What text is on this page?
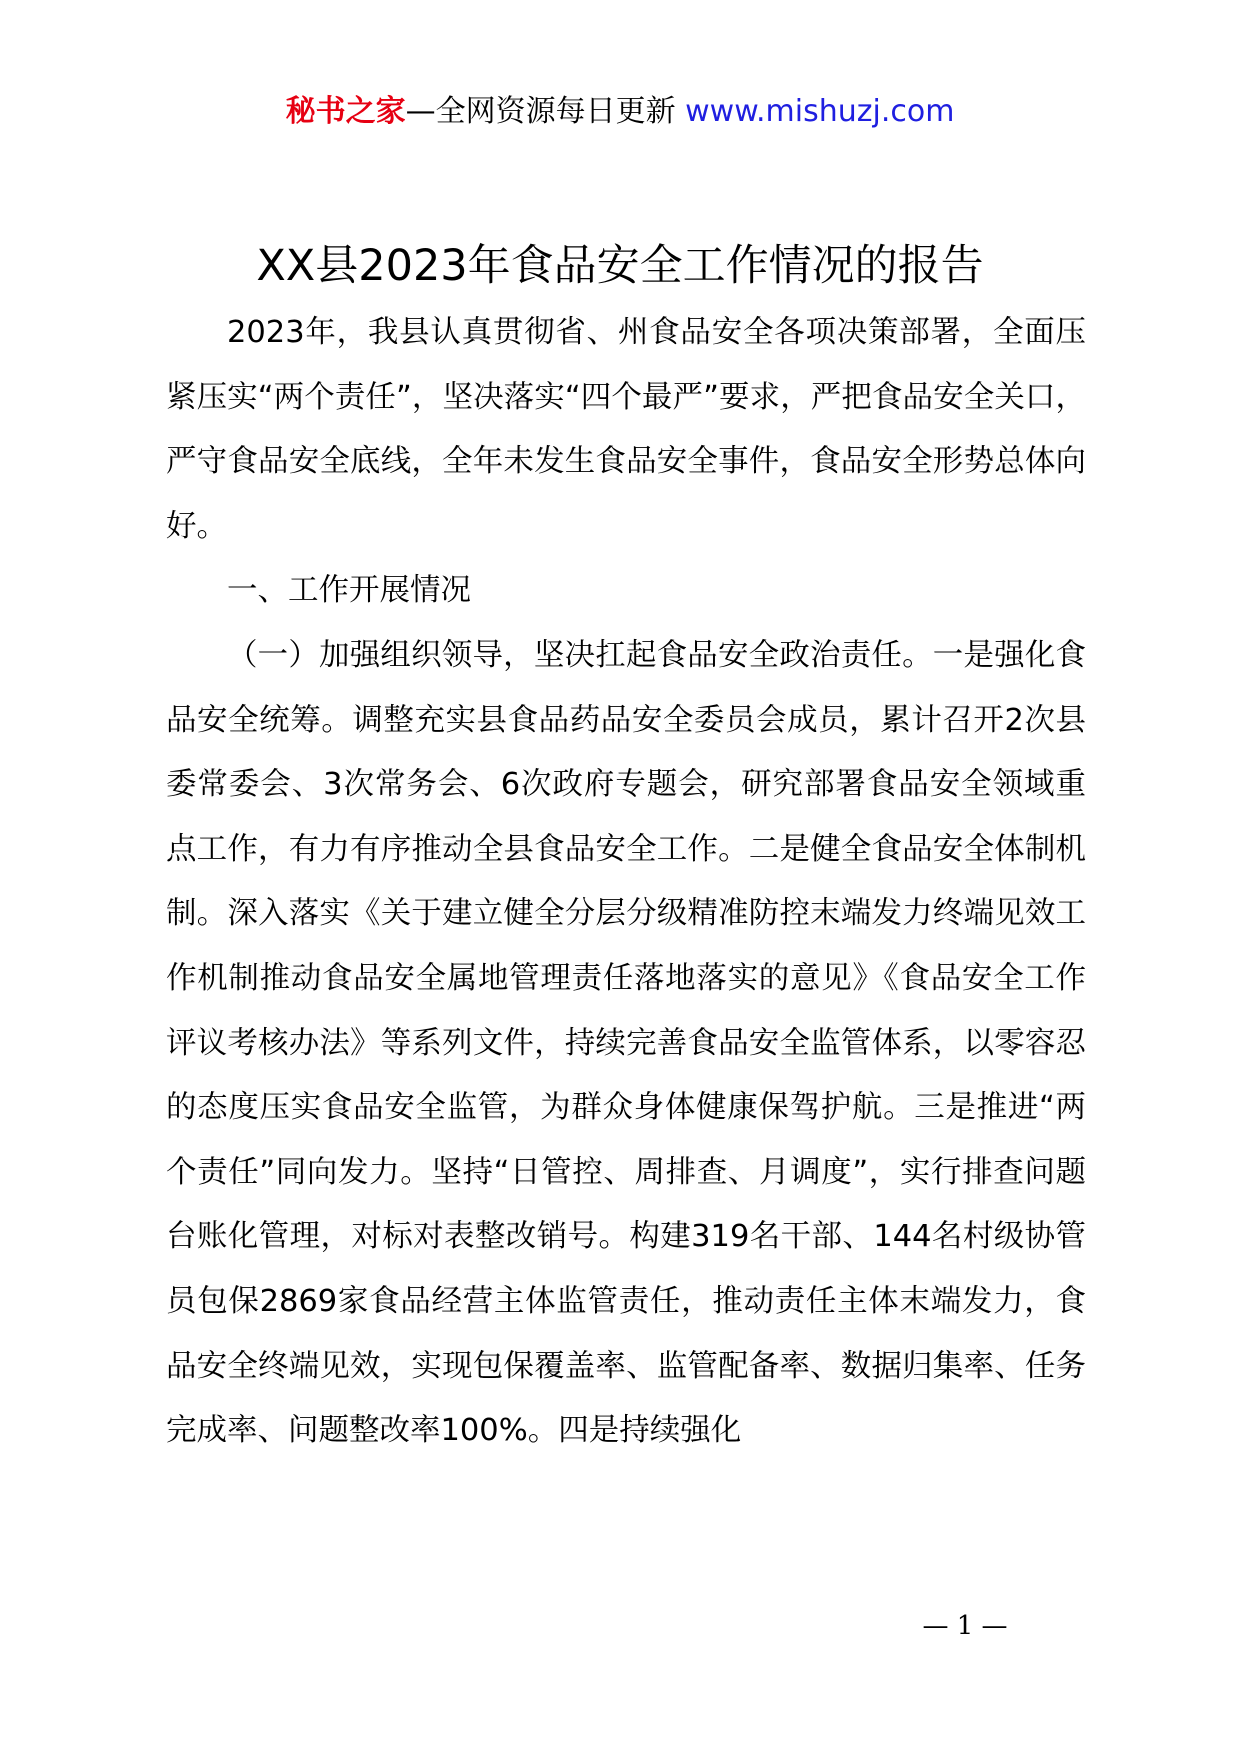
秘书之家—全网资源每日更新 www.mishuzj.com
XX县2023年食品安全工作情况的报告

2023年，我县认真贯彻省、州食品安全各项决策部署，全面压紧压实“两个责任”，坚决落实“四个最严”要求，严把食品安全关口，严守食品安全底线，全年未发生食品安全事件，食品安全形势总体向好。

一、工作开展情况

（一）加强组织领导，坚决扛起食品安全政治责任。一是强化食品安全统筹。调整充实县食品药品安全委员会成员，累计召开2次县委常委会、3次常务会、6次政府专题会，研究部署食品安全领域重点工作，有力有序推动全县食品安全工作。二是健全食品安全体制机制。深入落实《关于建立健全分层分级精准防控末端发力终端见效工作机制推动食品安全属地管理责任落地落实的意见》《食品安全工作评议考核办法》等系列文件，持续完善食品安全监管体系，以零容忍的态度压实食品安全监管，为群众身体健康保驾护航。三是推进“两个责任”同向发力。坚持“日管控、周排查、月调度”，实行排查问题台账化管理，对标对表整改销号。构建319名干部、144名村级协管员包保2869家食品经营主体监管责任，推动责任主体末端发力，食品安全终端见效，实现包保覆盖率、监管配备率、数据归集率、任务完成率、问题整改率100%。四是持续强化

— 1 —
